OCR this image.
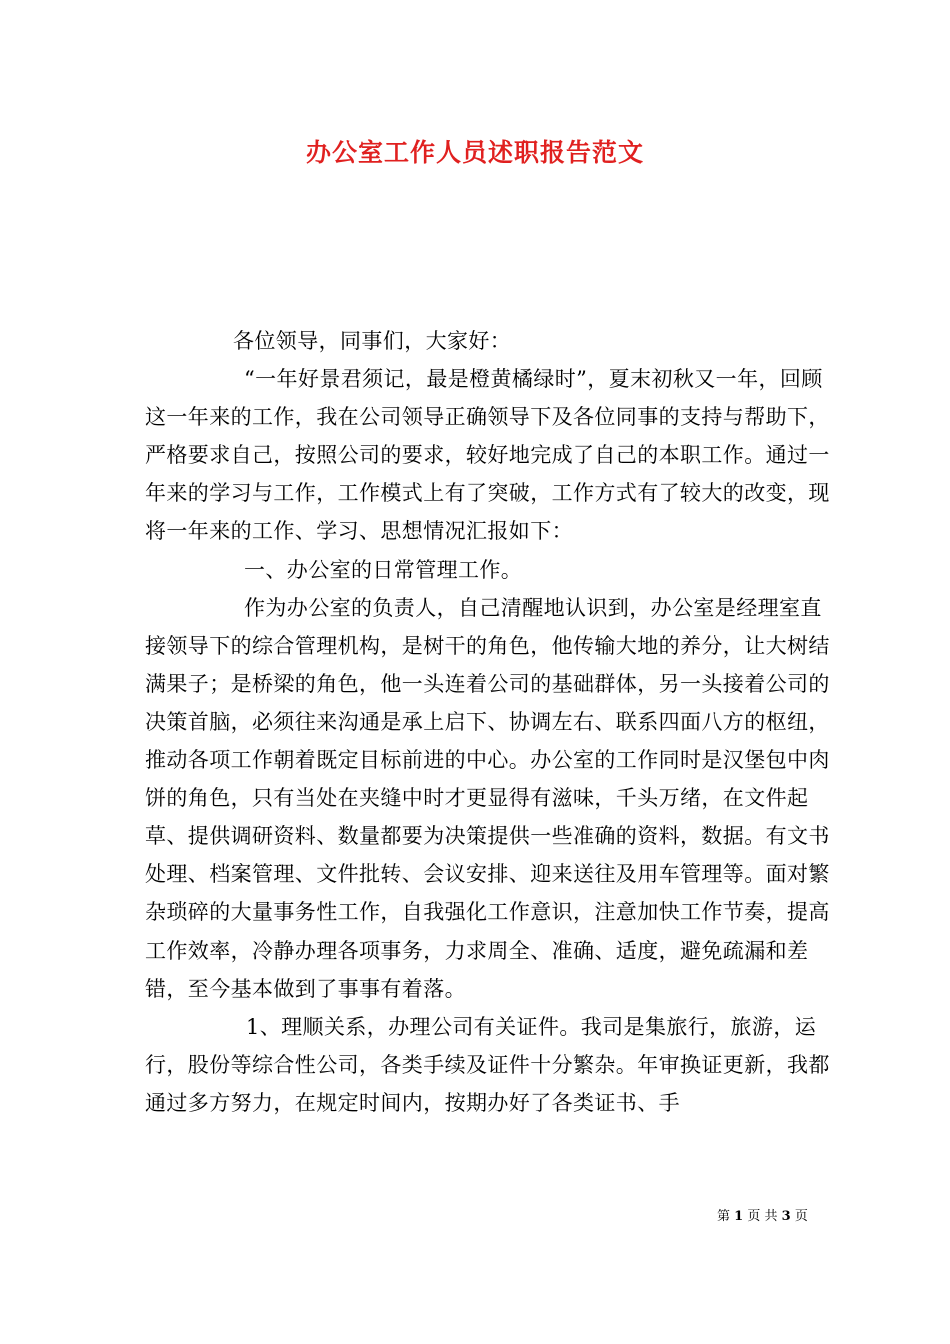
办公室工作人员述职报告范文

各位领导，同事们，大家好：

“一年好景君须记，最是橙黄橘绿时”，夏末初秋又一年，回顾这一年来的工作，我在公司领导正确领导下及各位同事的支持与帮助下，严格要求自己，按照公司的要求，较好地完成了自己的本职工作。通过一年来的学习与工作，工作模式上有了突破，工作方式有了较大的改变，现将一年来的工作、学习、思想情况汇报如下：

一、办公室的日常管理工作。

作为办公室的负责人，自己清醒地认识到，办公室是经理室直接领导下的综合管理机构，是树干的角色，他传输大地的养分，让大树结满果子；是桥梁的角色，他一头连着公司的基础群体，另一头接着公司的决策首脑，必须往来沟通是承上启下、协调左右、联系四面八方的枢纽，推动各项工作朝着既定目标前进的中心。办公室的工作同时是汉堡包中肉饼的角色，只有当处在夹缝中时才更显得有滋味，千头万绪，在文件起草、提供调研资料、数量都要为决策提供一些准确的资料，数据。有文书处理、档案管理、文件批转、会议安排、迎来送往及用车管理等。面对繁杂琐碎的大量事务性工作，自我强化工作意识，注意加快工作节奏，提高工作效率，冷静办理各项事务，力求周全、准确、适度，避免疏漏和差错，至今基本做到了事事有着落。

1、理顺关系，办理公司有关证件。我司是集旅行，旅游，运行，股份等综合性公司，各类手续及证件十分繁杂。年审换证更新，我都通过多方努力，在规定时间内，按期办好了各类证书、手

第 1 页 共 3 页
